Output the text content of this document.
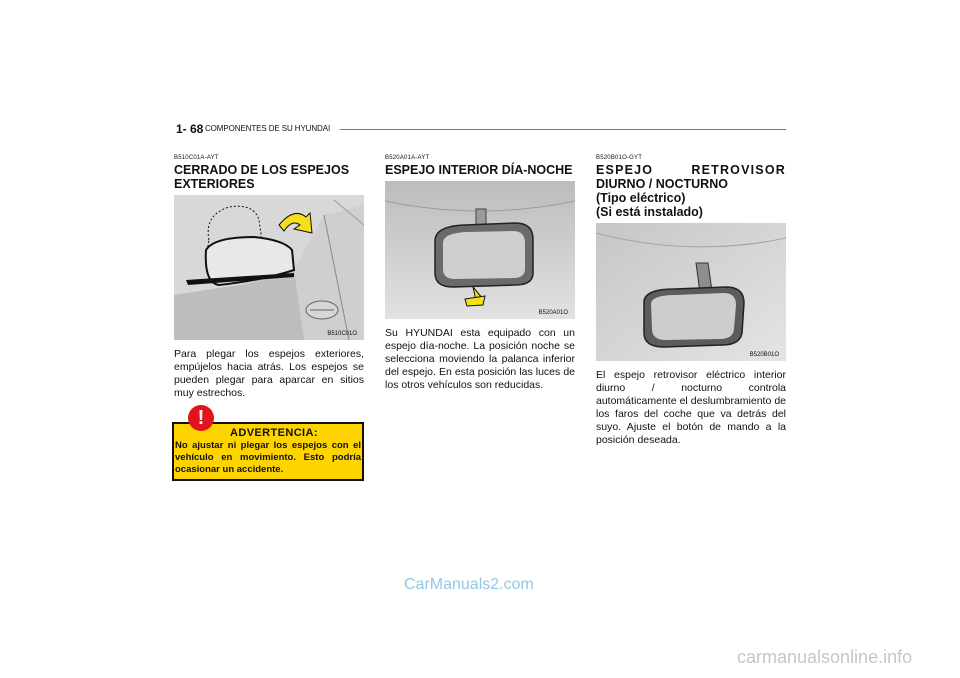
1- 68 COMPONENTES DE SU HYUNDAI
B510C01A-AYT
CERRADO DE LOS ESPEJOS
EXTERIORES
B510C01O
Para plegar los espejos exteriores, empújelos hacia atrás. Los espejos se pueden plegar para aparcar en sitios muy estrechos.
!
ADVERTENCIA:
No ajustar ni plegar los espejos con el vehículo en movimiento. Esto podría ocasionar un accidente.
B520A01A-AYT
ESPEJO INTERIOR DÍA-NOCHE
B520A01O
Su HYUNDAI esta equipado con un espejo día-noche. La posición noche se selecciona moviendo la palanca inferior del espejo. En esta posición las luces de los otros vehículos son reducidas.
B520B01O-GYT
ESPEJO RETROVISOR
DIURNO / NOCTURNO
(Tipo eléctrico)
(Si está instalado)
B520B01O
El espejo retrovisor eléctrico interior diurno / nocturno controla automáticamente el deslumbramiento de los faros del coche que va detrás del suyo. Ajuste el botón de mando a la posición deseada.
CarManuals2.com
carmanualsonline.info
